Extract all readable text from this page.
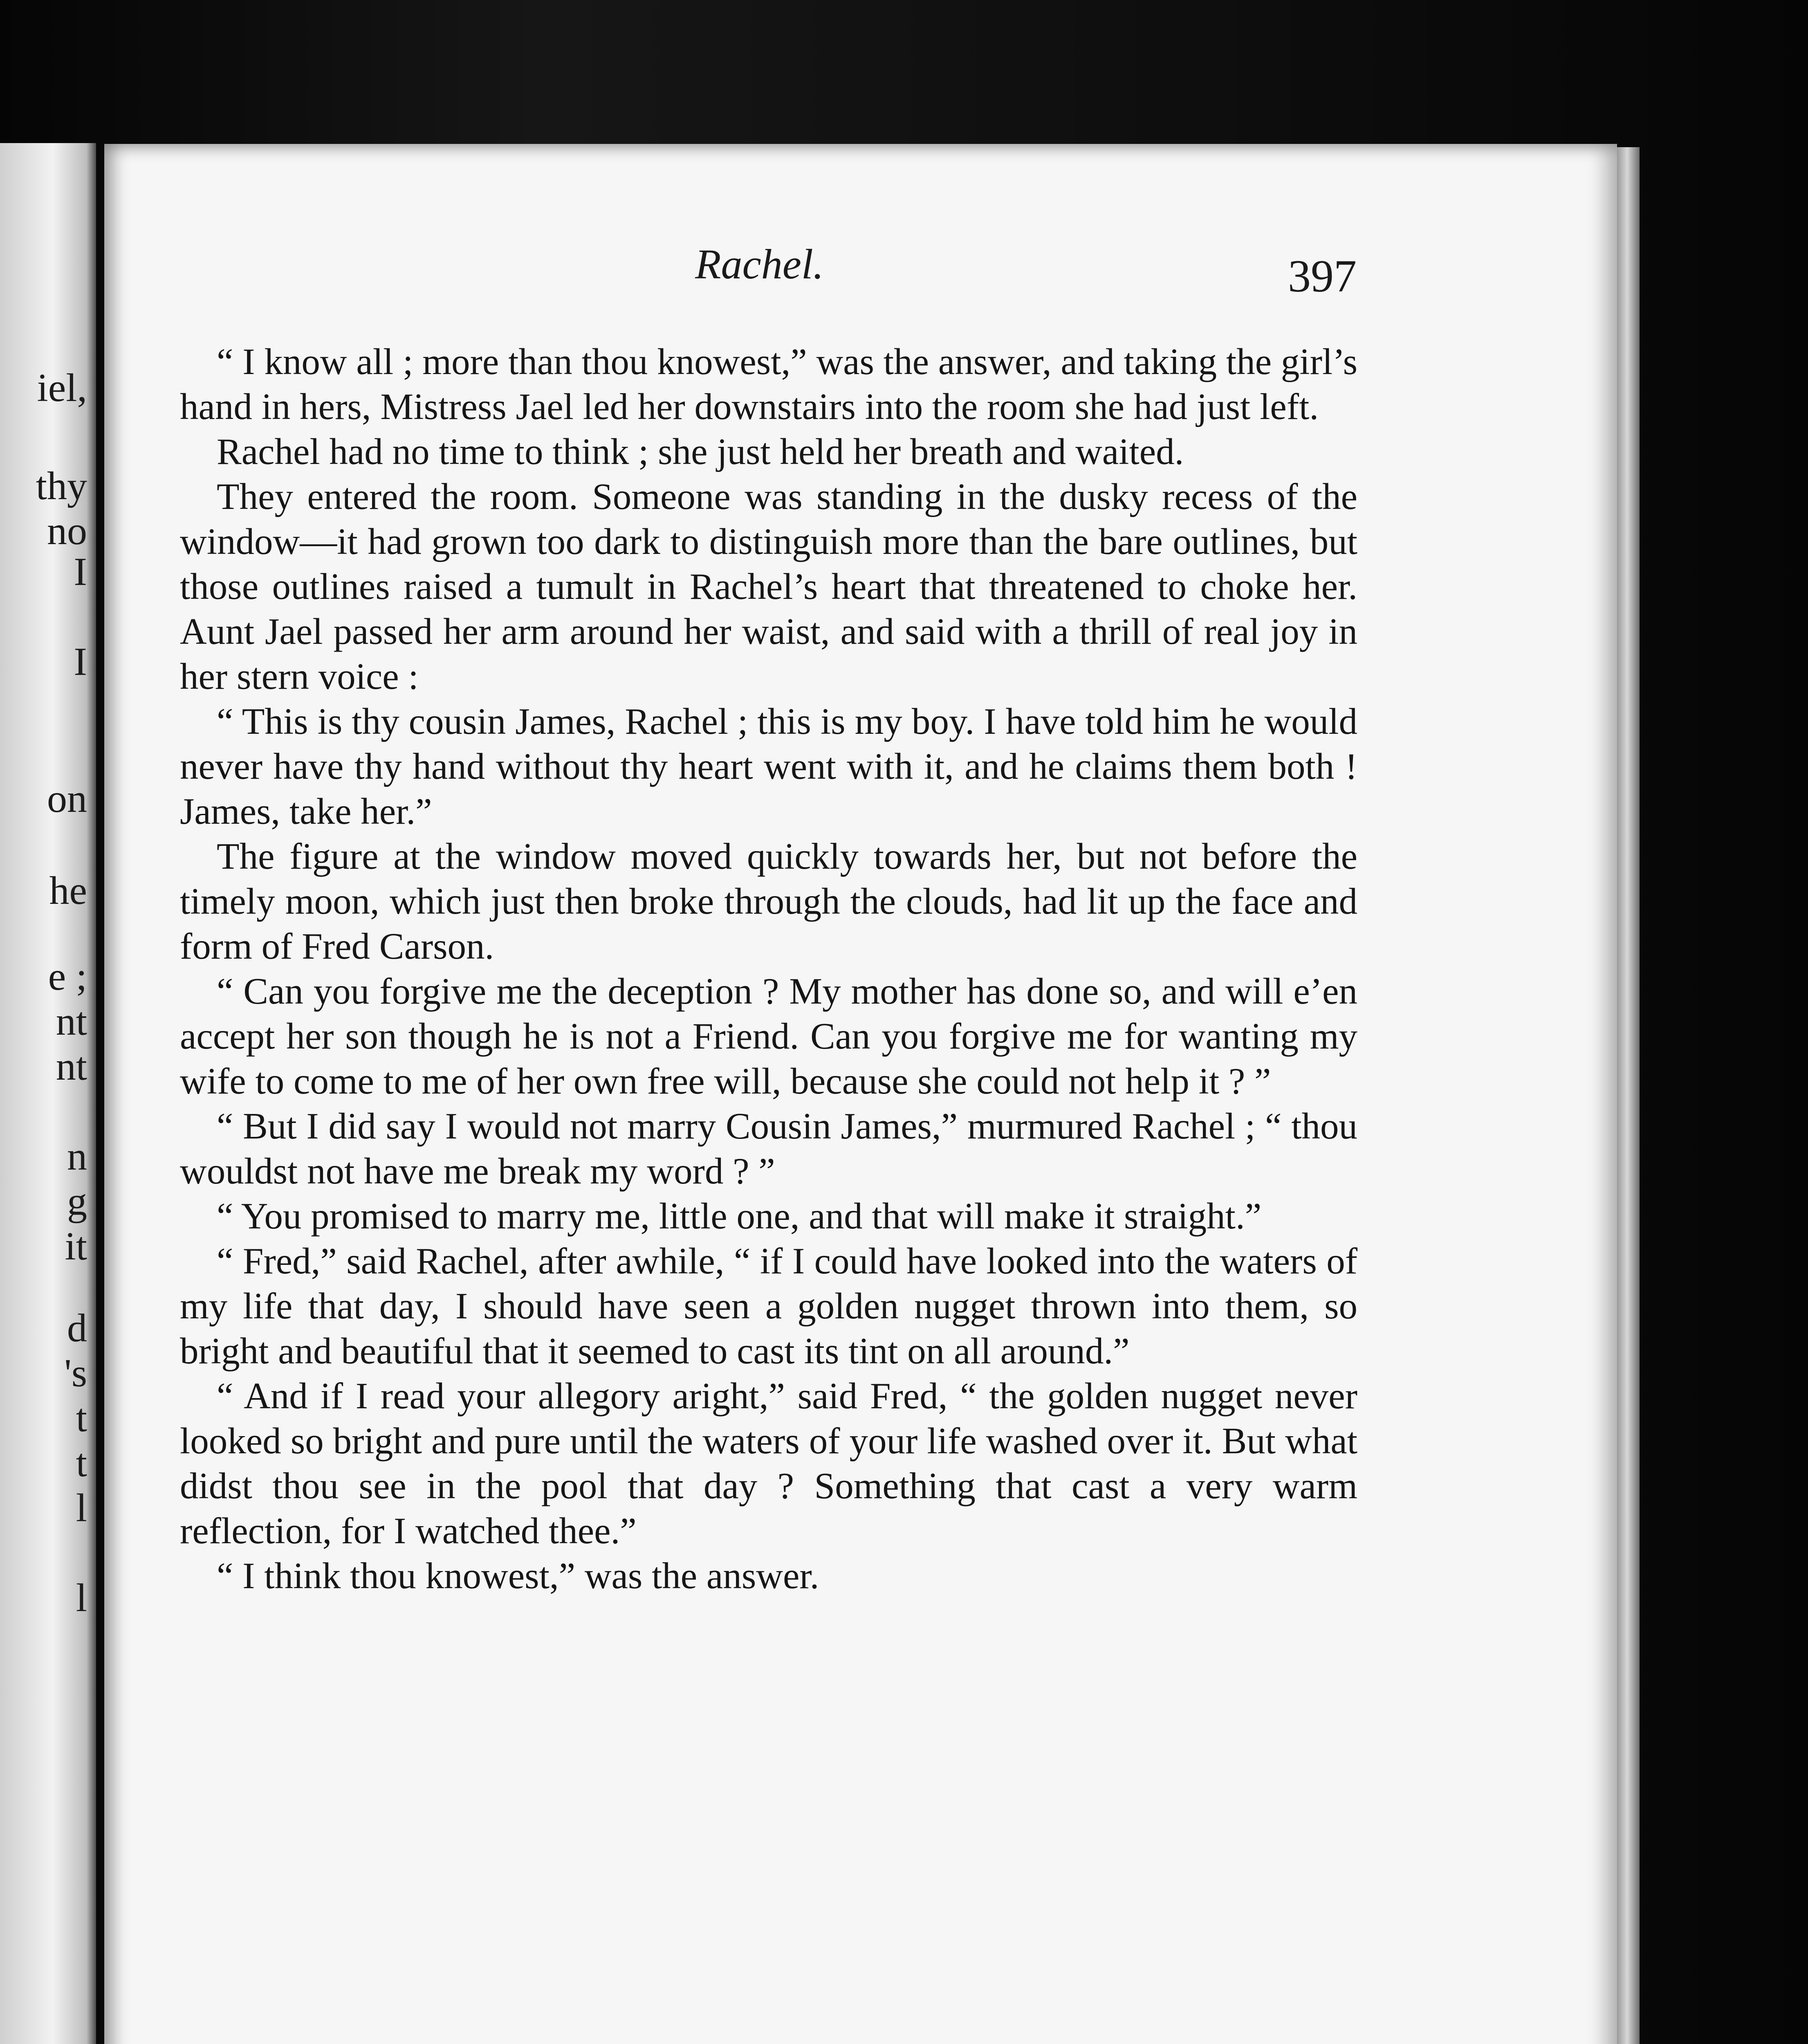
iel,
thy
no
I
I
on
he
e ;
nt
nt
n
g
it
d
's
t
t
l
l
Rachel.	397

“ I know all ; more than thou knowest,” was the answer, and taking the girl’s hand in hers, Mistress Jael led her downstairs into the room she had just left.

Rachel had no time to think ; she just held her breath and waited.

They entered the room. Someone was standing in the dusky recess of the window—it had grown too dark to distinguish more than the bare outlines, but those outlines raised a tumult in Rachel’s heart that threatened to choke her. Aunt Jael passed her arm around her waist, and said with a thrill of real joy in her stern voice :

“ This is thy cousin James, Rachel ; this is my boy. I have told him he would never have thy hand without thy heart went with it, and he claims them both ! James, take her.”

The figure at the window moved quickly towards her, but not before the timely moon, which just then broke through the clouds, had lit up the face and form of Fred Carson.

“ Can you forgive me the deception ? My mother has done so, and will e’en accept her son though he is not a Friend. Can you forgive me for wanting my wife to come to me of her own free will, because she could not help it ? ”

“ But I did say I would not marry Cousin James,” murmured Rachel ; “ thou wouldst not have me break my word ? ”

“ You promised to marry me, little one, and that will make it straight.”

“ Fred,” said Rachel, after awhile, “ if I could have looked into the waters of my life that day, I should have seen a golden nugget thrown into them, so bright and beautiful that it seemed to cast its tint on all around.”

“ And if I read your allegory aright,” said Fred, “ the golden nugget never looked so bright and pure until the waters of your life washed over it. But what didst thou see in the pool that day ? Something that cast a very warm reflection, for I watched thee.”

“ I think thou knowest,” was the answer.
